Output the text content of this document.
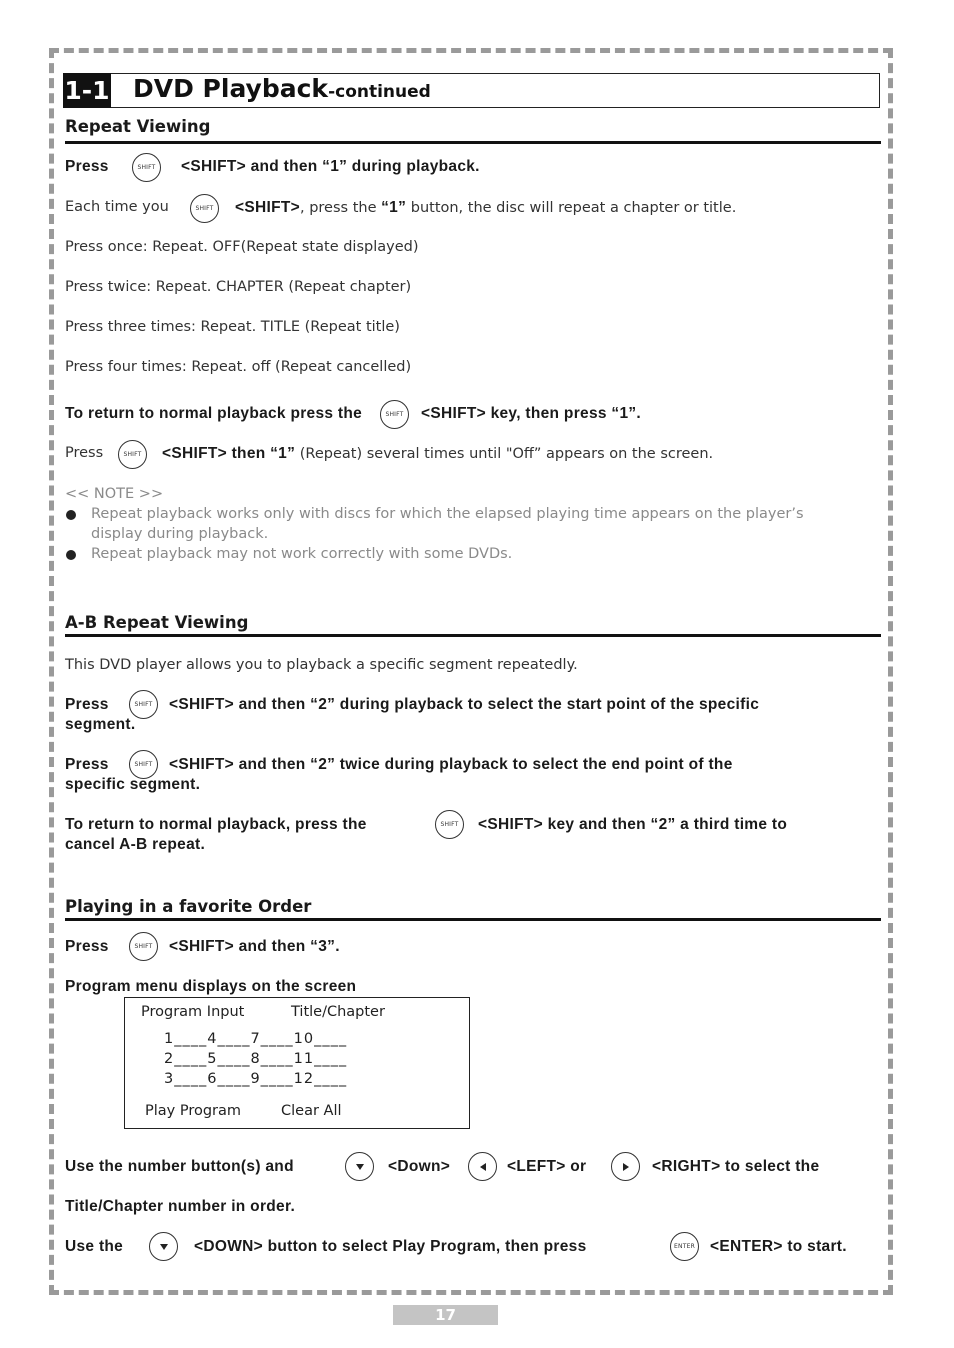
1-1 DVD Playback-continued
Repeat Viewing
Press	SHIFT <SHIFT> and then “1” during playback.
Each time you	SHIFT <SHIFT>, press the “1” button, the disc will repeat a chapter or title.
Press once: Repeat. OFF(Repeat state displayed)
Press twice: Repeat. CHAPTER (Repeat chapter)
Press three times: Repeat. TITLE (Repeat title)
Press four times: Repeat. off (Repeat cancelled)
To return to normal playback press the	SHIFT <SHIFT> key, then press “1”.
Press	SHIFT <SHIFT> then “1” (Repeat) several times until "Off” appears on the screen.
<< NOTE >>
Repeat playback works only with discs for which the elapsed playing time appears on the player’s
display during playback.
Repeat playback may not work correctly with some DVDs.
A-B Repeat Viewing
This DVD player allows you to playback a specific segment repeatedly.
Press	SHIFT <SHIFT> and then “2” during playback to select the start point of the specific
segment.
Press	SHIFT <SHIFT> and then “2” twice during playback to select the end point of the
specific segment.
To return to normal playback, press the	SHIFT <SHIFT> key and then “2” a third time to
cancel A-B repeat.
Playing in a favorite Order
Press	SHIFT <SHIFT> and then “3”.
Program menu displays on the screen
Program Input	Title/Chapter
1____4____7____10____
2____5____8____11____
3____6____9____12____
Play Program	Clear All
Use the number button(s) and	<Down>	<LEFT> or	<RIGHT> to select the
Title/Chapter number in order.
Use the	<DOWN> button to select Play Program, then press	ENTER <ENTER> to start.
17
